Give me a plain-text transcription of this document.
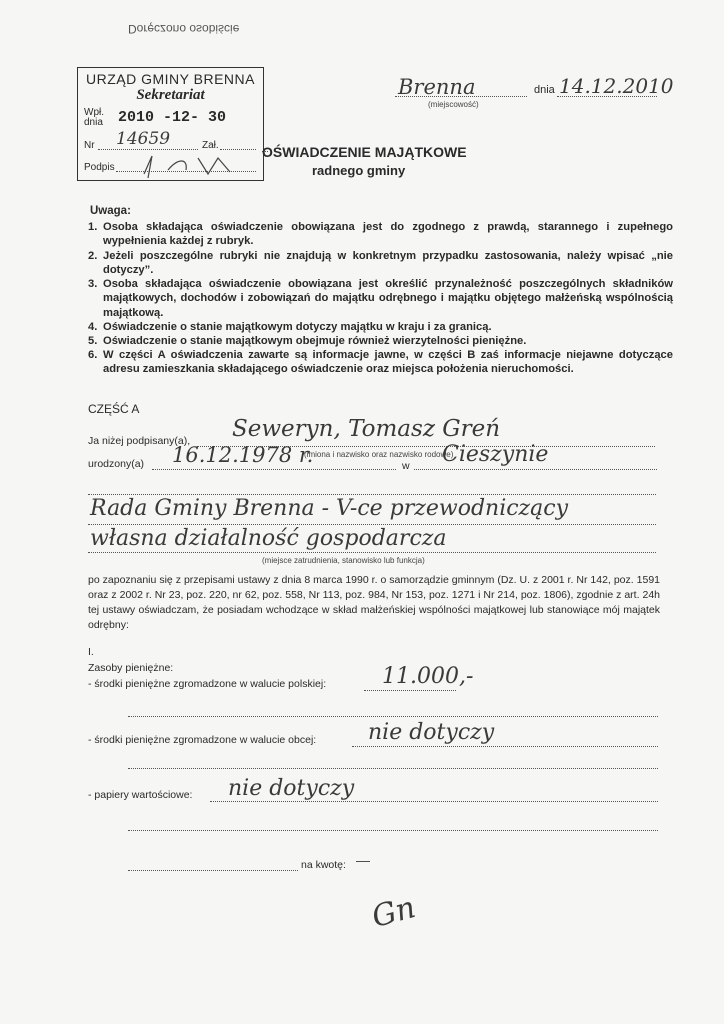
Doręczono osobiście
URZĄD GMINY BRENNA
Sekretariat
Wpł.
dnia 2010 -12- 30
Nr 14659	Zał.
Podpis
Brenna	dnia 14.12.2010
(miejscowość)
OŚWIADCZENIE MAJĄTKOWE
radnego gminy
Uwaga:
1. Osoba składająca oświadczenie obowiązana jest do zgodnego z prawdą, starannego i zupełnego wypełnienia każdej z rubryk.
2. Jeżeli poszczególne rubryki nie znajdują w konkretnym przypadku zastosowania, należy wpisać „nie dotyczy”.
3. Osoba składająca oświadczenie obowiązana jest określić przynależność poszczególnych składników majątkowych, dochodów i zobowiązań do majątku odrębnego i majątku objętego małżeńską wspólnością majątkową.
4. Oświadczenie o stanie majątkowym dotyczy majątku w kraju i za granicą.
5. Oświadczenie o stanie majątkowym obejmuje również wierzytelności pieniężne.
6. W części A oświadczenia zawarte są informacje jawne, w części B zaś informacje niejawne dotyczące adresu zamieszkania składającego oświadczenie oraz miejsca położenia nieruchomości.
CZĘŚĆ A
Ja niżej podpisany(a), Seweryn, Tomasz Greń
(imiona i nazwisko oraz nazwisko rodowe)
urodzony(a) 16.12.1978 r.	w Cieszynie
Rada Gminy Brenna - V-ce przewodniczący
własna działalność gospodarcza
(miejsce zatrudnienia, stanowisko lub funkcja)
po zapoznaniu się z przepisami ustawy z dnia 8 marca 1990 r. o samorządzie gminnym (Dz. U. z 2001 r. Nr 142, poz. 1591 oraz z 2002 r. Nr 23, poz. 220, nr 62, poz. 558, Nr 113, poz. 984, Nr 153, poz. 1271 i Nr 214, poz. 1806), zgodnie z art. 24h tej ustawy oświadczam, że posiadam wchodzące w skład małżeńskiej wspólności majątkowej lub stanowiące mój majątek odrębny:
I.
Zasoby pieniężne:
- środki pieniężne zgromadzone w walucie polskiej:	11.000,-
- środki pieniężne zgromadzone w walucie obcej: nie dotyczy
- papiery wartościowe: nie dotyczy
na kwotę: —
Gn
